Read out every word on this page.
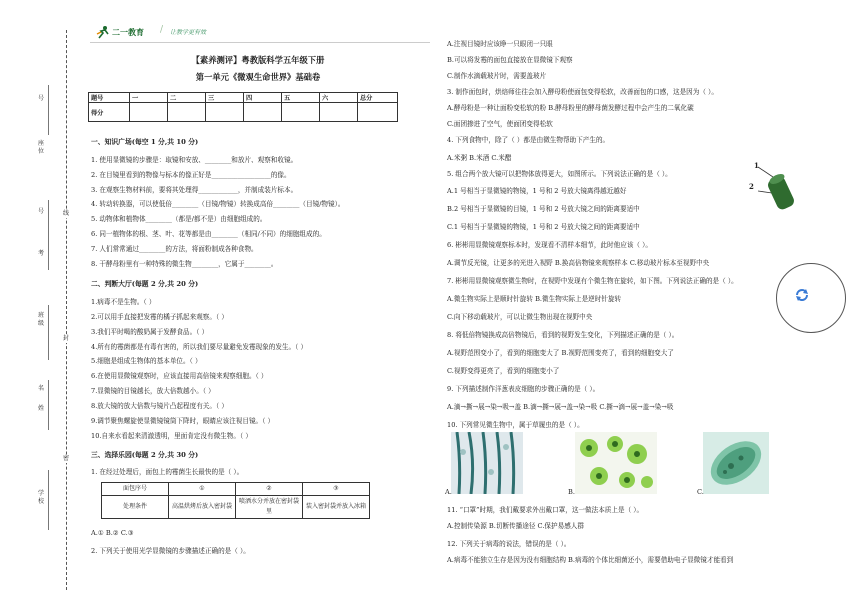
号
座位
号
考
线
班级
封
名
姓
密
学校
二一教育 / 让教学更有效
【素养测评】粤教版科学五年级下册
第一单元《微观生命世界》基础卷
题号	一	二	三	四	五	六	总分
得分							
一、知识广场(每空 1 分,共 10 分)
1. 使用显微镜的步骤是：取镜和安放、________和放片、观察和收镜。
2. 在目镜里看到的物像与标本的像正好是__________________的像。
3. 在观察生物材料前，要将其处理得____________，并制成装片标本。
4. 转动转换器，可以使低倍________（目镜/物镜）转换成高倍________（目镜/物镜）。
5. 动物体和植物体________（都是/都不是）由细胞组成的。
6. 同一植物体的根、茎、叶、花等都是由________（相同/不同）的细胞组成的。
7. 人们常常通过________的方法，将面粉制成各种食物。
8. 干酵母粉里有一种特殊的微生物________，它属于________。
二、判断大厅(每题 2 分,共 20 分)
1.病毒不是生物。（ ）
2.可以用手直接把发霉的橘子抓起来观察。（ ）
3.我们平时喝的酸奶属于发酵食品。（ ）
4.所有的霉菌都是有毒有害的，所以我们要尽量避免发霉现象的发生。（ ）
5.细胞是组成生物体的基本单位。（ ）
6.在使用显微镜观察时，应该直接用高倍镜来观察细胞。（ ）
7.显微镜的目镜越长，放大倍数越小。（ ）
8.放大镜的放大倍数与镜片凸起程度有关。（ ）
9.调节聚焦螺旋使显微镜镜筒下降时，眼睛应该注视目镜。（ ）
10.自来水看起来清澈透明，里面肯定没有微生物。（ ）
三、选择乐园(每题 2 分,共 30 分)
1. 在经过处理后，面包上的霉菌生长最快的是（ ）。
面包序号	①	②	③
处理条件	高温烘烤后放入密封袋	喷洒水分并放在密封袋里	装入密封袋并放入冰箱
A.① B.② C.③
2. 下列关于使用光学显微镜的步骤描述正确的是（ ）。
A.注视目镜时应该睁一只眼闭一只眼
B.可以将发霉的面包直接放在显微镜下观察
C.制作水滴载玻片时，需要盖玻片
3. 制作面包时，烘焙师往往会加入酵母粉使面包变得松软，改善面包的口感，这是因为（ ）。
A.酵母粉是一种让面粉变松软的粉 B.酵母粉里的酵母菌发酵过程中会产生的二氧化碳
C.面团掺进了空气，使面团变得松软
4. 下列食物中，除了（ ）都是由微生物帮助下产生的。
A.米粥 B.米酒 C.米醋
5. 组合两个放大镜可以把物体放得更大，如图所示。下列说法正确的是（ ）。
A.1 号相当于显微镜的物镜，1 号和 2 号放大镜离得越近越好
B.2 号相当于显微镜的目镜，1 号和 2 号放大镜之间的距离要适中
C.1 号相当于显微镜的物镜，1 号和 2 号放大镜之间的距离要适中
6. 彬彬用显微镜观察标本时，发现看不清样本细节，此时他应该（ ）。
A.调节反光镜，让更多的光进入视野 B.换高倍物镜来观察样本 C.移动玻片标本至视野中央
7. 彬彬用显微镜观察微生物时，在视野中发现有个微生物在旋转，如下图。下列说法正确的是（ ）。
A.微生物实际上是顺时针旋转 B.微生物实际上是逆时针旋转
C.向下移动载玻片，可以让微生物出现在视野中央
8. 将低倍物镜换成高倍物镜后，看到的视野发生变化，下列描述正确的是（ ）。
A.视野范围变小了，看到的细胞变大了 B.视野范围变亮了，看到的细胞变大了
C.视野变得更亮了，看到的细胞变小了
9. 下列描述制作洋葱表皮细胞的步骤正确的是（ ）。
A.滴→撕→展→染→吸→盖 B.滴→撕→展→盖→染→吸 C.撕→滴→展→盖→染→吸
10. 下列常见微生物中，属于草履虫的是（ ）。
1
2
A.	B.	C.
11. “口罩”时期，我们戴要求外出戴口罩，这一做法本质上是（ ）。
A.控制传染源 B.切断传播途径 C.保护易感人群
12. 下列关于病毒的说法，错误的是（ ）。
A.病毒不能独立生存是因为没有细胞结构 B.病毒的个体比细菌还小，需要借助电子显微镜才能看到
